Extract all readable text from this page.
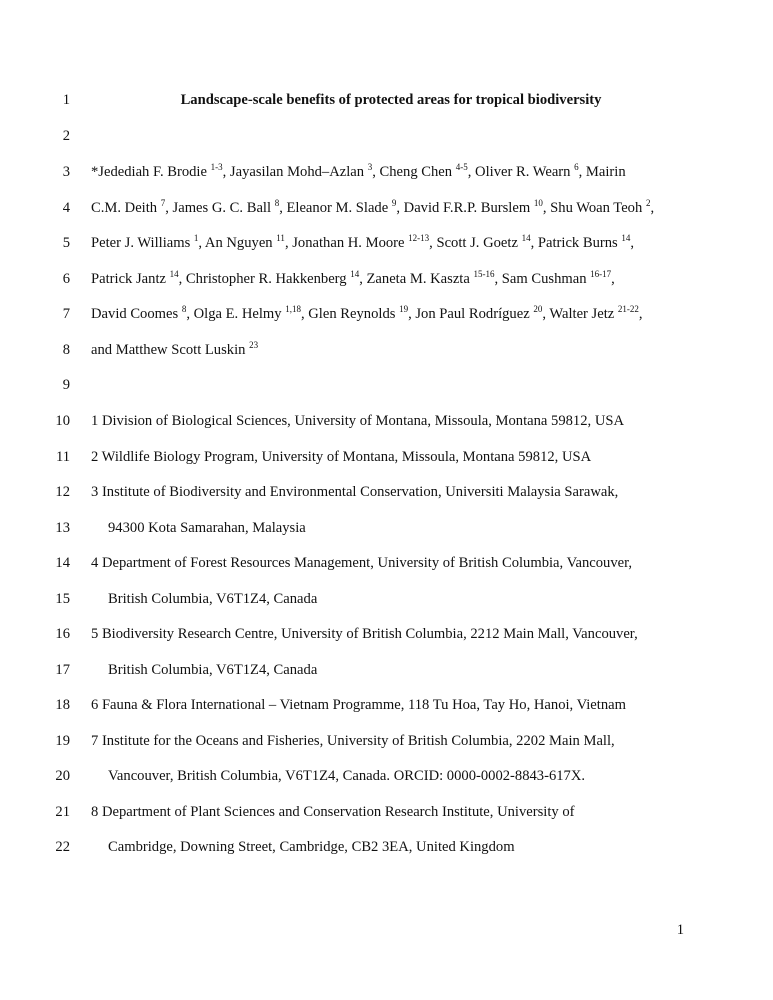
1	Landscape-scale benefits of protected areas for tropical biodiversity
2
3 *Jedediah F. Brodie $^{1-3}$, Jayasilan Mohd–Azlan $^3$, Cheng Chen $^{4-5}$, Oliver R. Wearn $^6$, Mairin
4 C.M. Deith $^7$, James G. C. Ball $^8$, Eleanor M. Slade $^9$, David F.R.P. Burslem $^{10}$, Shu Woan Teoh $^2$,
5 Peter J. Williams $^1$, An Nguyen $^{11}$, Jonathan H. Moore $^{12-13}$, Scott J. Goetz $^{14}$, Patrick Burns $^{14}$,
6 Patrick Jantz $^{14}$, Christopher R. Hakkenberg $^{14}$, Zaneta M. Kaszta $^{15-16}$, Sam Cushman $^{16-17}$,
7 David Coomes $^8$, Olga E. Helmy $^{1,18}$, Glen Reynolds $^{19}$, Jon Paul Rodríguez $^{20}$, Walter Jetz $^{21-22}$,
8 and Matthew Scott Luskin $^{23}$
9
10 1 Division of Biological Sciences, University of Montana, Missoula, Montana 59812, USA
11 2 Wildlife Biology Program, University of Montana, Missoula, Montana 59812, USA
12 3 Institute of Biodiversity and Environmental Conservation, Universiti Malaysia Sarawak,
13	94300 Kota Samarahan, Malaysia
14 4 Department of Forest Resources Management, University of British Columbia, Vancouver,
15	British Columbia, V6T1Z4, Canada
16 5 Biodiversity Research Centre, University of British Columbia, 2212 Main Mall, Vancouver,
17	British Columbia, V6T1Z4, Canada
18 6 Fauna & Flora International – Vietnam Programme, 118 Tu Hoa, Tay Ho, Hanoi, Vietnam
19 7 Institute for the Oceans and Fisheries, University of British Columbia, 2202 Main Mall,
20	Vancouver, British Columbia, V6T1Z4, Canada. ORCID: 0000-0002-8843-617X.
21 8 Department of Plant Sciences and Conservation Research Institute, University of
22	Cambridge, Downing Street, Cambridge, CB2 3EA, United Kingdom
1
